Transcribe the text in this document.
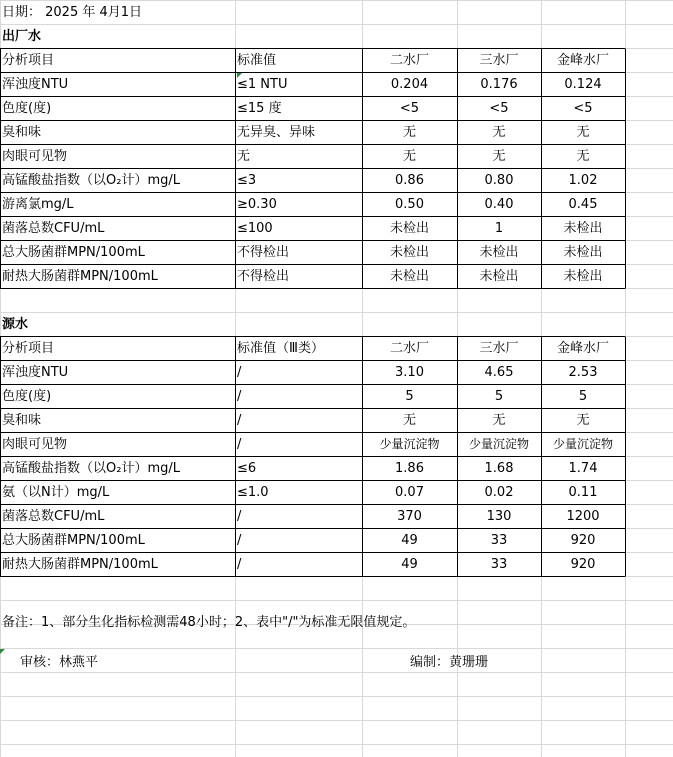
日期： 2025 年 4月1日
出厂水
分析项目	标准值	二水厂	三水厂	金峰水厂
浑浊度NTU	≤1 NTU	0.204	0.176	0.124
色度(度)	≤15 度	<5	<5	<5
臭和味	无异臭、异味	无	无	无
肉眼可见物	无	无	无	无
高锰酸盐指数（以O₂计）mg/L	≤3	0.86	0.80	1.02
游离氯mg/L	≥0.30	0.50	0.40	0.45
菌落总数CFU/mL	≤100	未检出	1	未检出
总大肠菌群MPN/100mL	不得检出	未检出	未检出	未检出
耐热大肠菌群MPN/100mL	不得检出	未检出	未检出	未检出
源水
分析项目	标准值（Ⅲ类）	二水厂	三水厂	金峰水厂
浑浊度NTU	/	3.10	4.65	2.53
色度(度)	/	5	5	5
臭和味	/	无	无	无
肉眼可见物	/	少量沉淀物	少量沉淀物	少量沉淀物
高锰酸盐指数（以O₂计）mg/L	≤6	1.86	1.68	1.74
氨（以N计）mg/L	≤1.0	0.07	0.02	0.11
菌落总数CFU/mL	/	370	130	1200
总大肠菌群MPN/100mL	/	49	33	920
耐热大肠菌群MPN/100mL	/	49	33	920
备注：1、部分生化指标检测需48小时；2、表中"/"为标准无限值规定。
审核：林燕平	编制：黄珊珊
